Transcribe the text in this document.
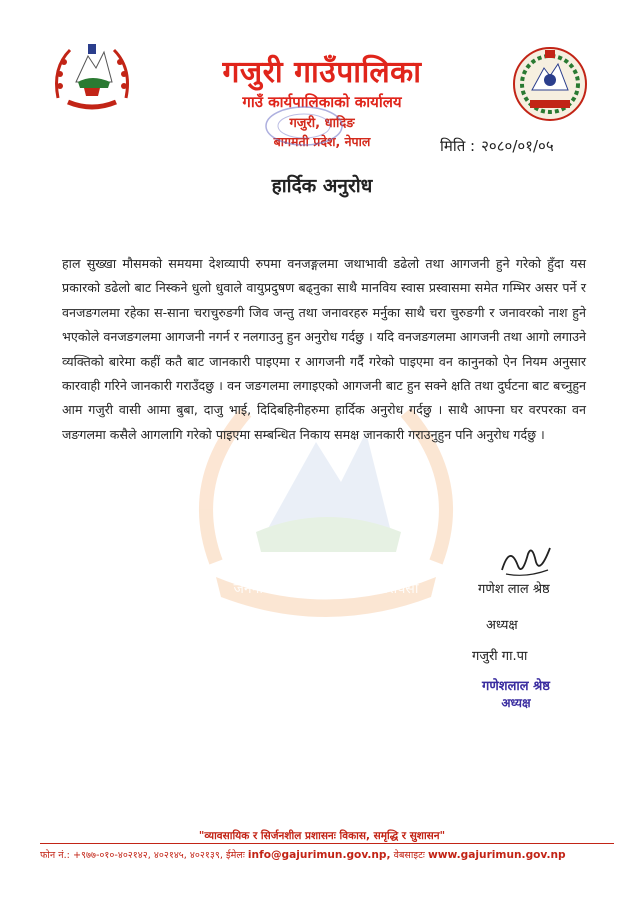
गजुरी गाउँपालिका
गाउँ कार्यपालिकाको कार्यालय
गजुरी, धादिङ
बागमती प्रदेश, नेपाल	मिति : २०८०/०१/०५
हार्दिक अनुरोध
जननी जन्मभूमिश्च स्वर्गादपि गरीयसी
हाल सुख्खा मौसमको समयमा देशव्यापी रुपमा वनजङ्गलमा जथाभावी डढेलो तथा आगजनी हुने गरेको हुँदा यस प्रकारको डढेलो बाट निस्कने धुलो धुवाले वायुप्रदुषण बढ्नुका साथै मानविय स्वास प्रस्वासमा समेत गम्भिर असर पर्ने र वनजङगलमा रहेका स-साना चराचुरुङगी जिव जन्तु तथा जनावरहरु मर्नुका साथै चरा चुरुङगी र जनावरको नाश हुने भएकोले वनजङगलमा आगजनी नगर्न र नलगाउनु हुन अनुरोध गर्दछु । यदि वनजङगलमा आगजनी तथा आगो लगाउने व्यक्तिको बारेमा कहीं कतै बाट जानकारी पाइएमा र आगजनी गर्दै गरेको पाइएमा वन कानुनको ऐन नियम अनुसार कारवाही गरिने जानकारी गराउँदछु । वन जङगलमा लगाइएको आगजनी बाट हुन सक्ने क्षति तथा दुर्घटना बाट बच्नुहुन आम गजुरी वासी आमा बुबा, दाजु भाई, दिदिबहिनीहरुमा हार्दिक अनुरोध गर्दछु । साथै आफ्ना घर वरपरका वन जङगलमा कसैले आगलागि गरेको पाइएमा सम्बन्धित निकाय समक्ष जानकारी गराउनुहुन पनि अनुरोध गर्दछु ।
गणेश लाल श्रेष्ठ
अध्यक्ष
गजुरी गा.पा
गणेशलाल श्रेष्ठ
अध्यक्ष
"व्यावसायिक र सिर्जनशील प्रशासनः विकास, समृद्धि र सुशासन"
फोन नं.: +९७७-०१०-४०२१४२, ४०२१४५, ४०२१३९, ईमेलः info@gajurimun.gov.np, वेबसाइटः www.gajurimun.gov.np
